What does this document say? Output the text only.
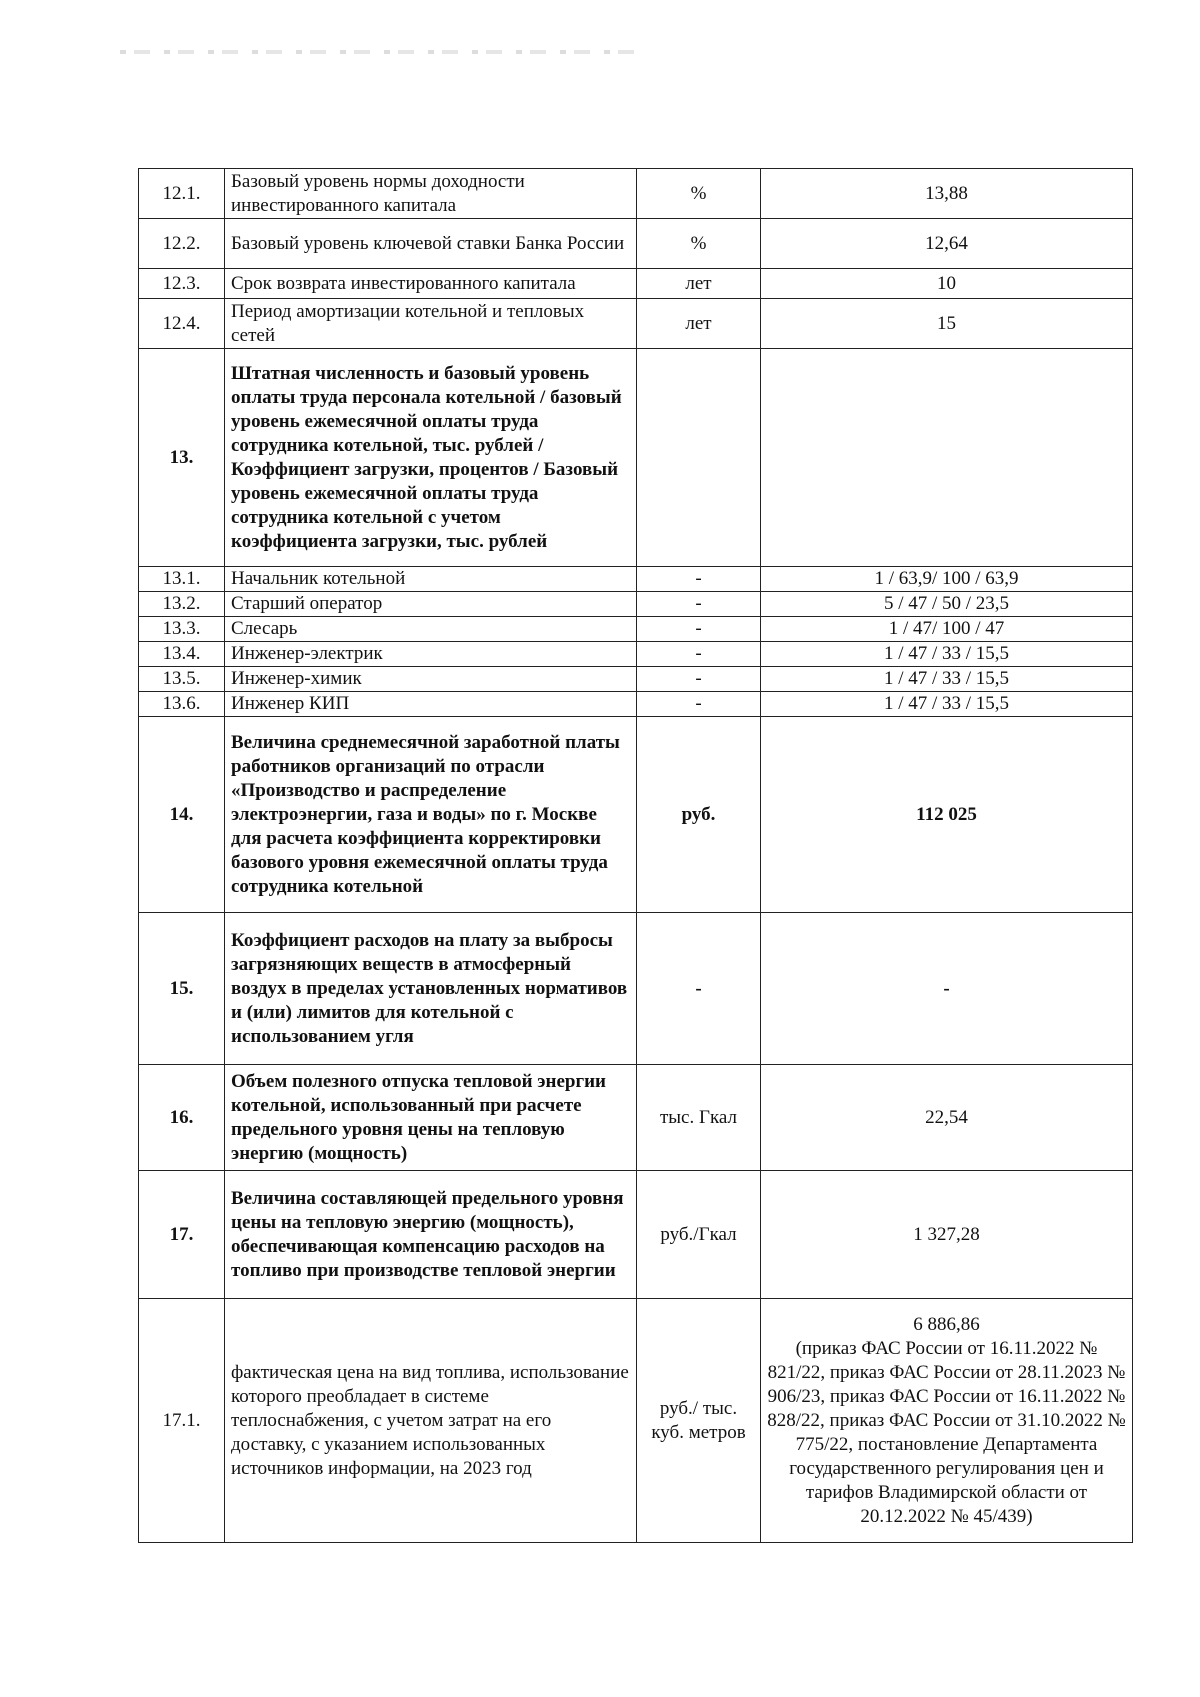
12.1.	Базовый уровень нормы доходности инвестированного капитала	%	13,88
12.2.	Базовый уровень ключевой ставки Банка России	%	12,64
12.3.	Срок возврата инвестированного капитала	лет	10
12.4.	Период амортизации котельной и тепловых сетей	лет	15
13.	Штатная численность и базовый уровень оплаты труда персонала котельной / базовый уровень ежемесячной оплаты труда сотрудника котельной, тыс. рублей / Коэффициент загрузки, процентов / Базовый уровень ежемесячной оплаты труда сотрудника котельной с учетом коэффициента загрузки, тыс. рублей		
13.1.	Начальник котельной	-	1 / 63,9/ 100 / 63,9
13.2.	Старший оператор	-	5 / 47 / 50 / 23,5
13.3.	Слесарь	-	1 / 47/ 100 / 47
13.4.	Инженер-электрик	-	1 / 47 / 33 / 15,5
13.5.	Инженер-химик	-	1 / 47 / 33 / 15,5
13.6.	Инженер КИП	-	1 / 47 / 33 / 15,5
14.	Величина среднемесячной заработной платы работников организаций по отрасли «Производство и распределение электроэнергии, газа и воды» по г. Москве для расчета коэффициента корректировки базового уровня ежемесячной оплаты труда сотрудника котельной	руб.	112 025
15.	Коэффициент расходов на плату за выбросы загрязняющих веществ в атмосферный воздух в пределах установленных нормативов и (или) лимитов для котельной с использованием угля	-	-
16.	Объем полезного отпуска тепловой энергии котельной, использованный при расчете предельного уровня цены на тепловую энергию (мощность)	тыс. Гкал	22,54
17.	Величина составляющей предельного уровня цены на тепловую энергию (мощность), обеспечивающая компенсацию расходов на топливо при производстве тепловой энергии	руб./Гкал	1 327,28
17.1.	фактическая цена на вид топлива, использование которого преобладает в системе теплоснабжения, с учетом затрат на его доставку, с указанием использованных источников информации, на 2023 год	руб./ тыс. куб. метров	6 886,86
(приказ ФАС России от 16.11.2022 № 821/22, приказ ФАС России от 28.11.2023 № 906/23, приказ ФАС России от 16.11.2022 № 828/22, приказ ФАС России от 31.10.2022 № 775/22, постановление Департамента государственного регулирования цен и тарифов Владимирской области от 20.12.2022 № 45/439)
